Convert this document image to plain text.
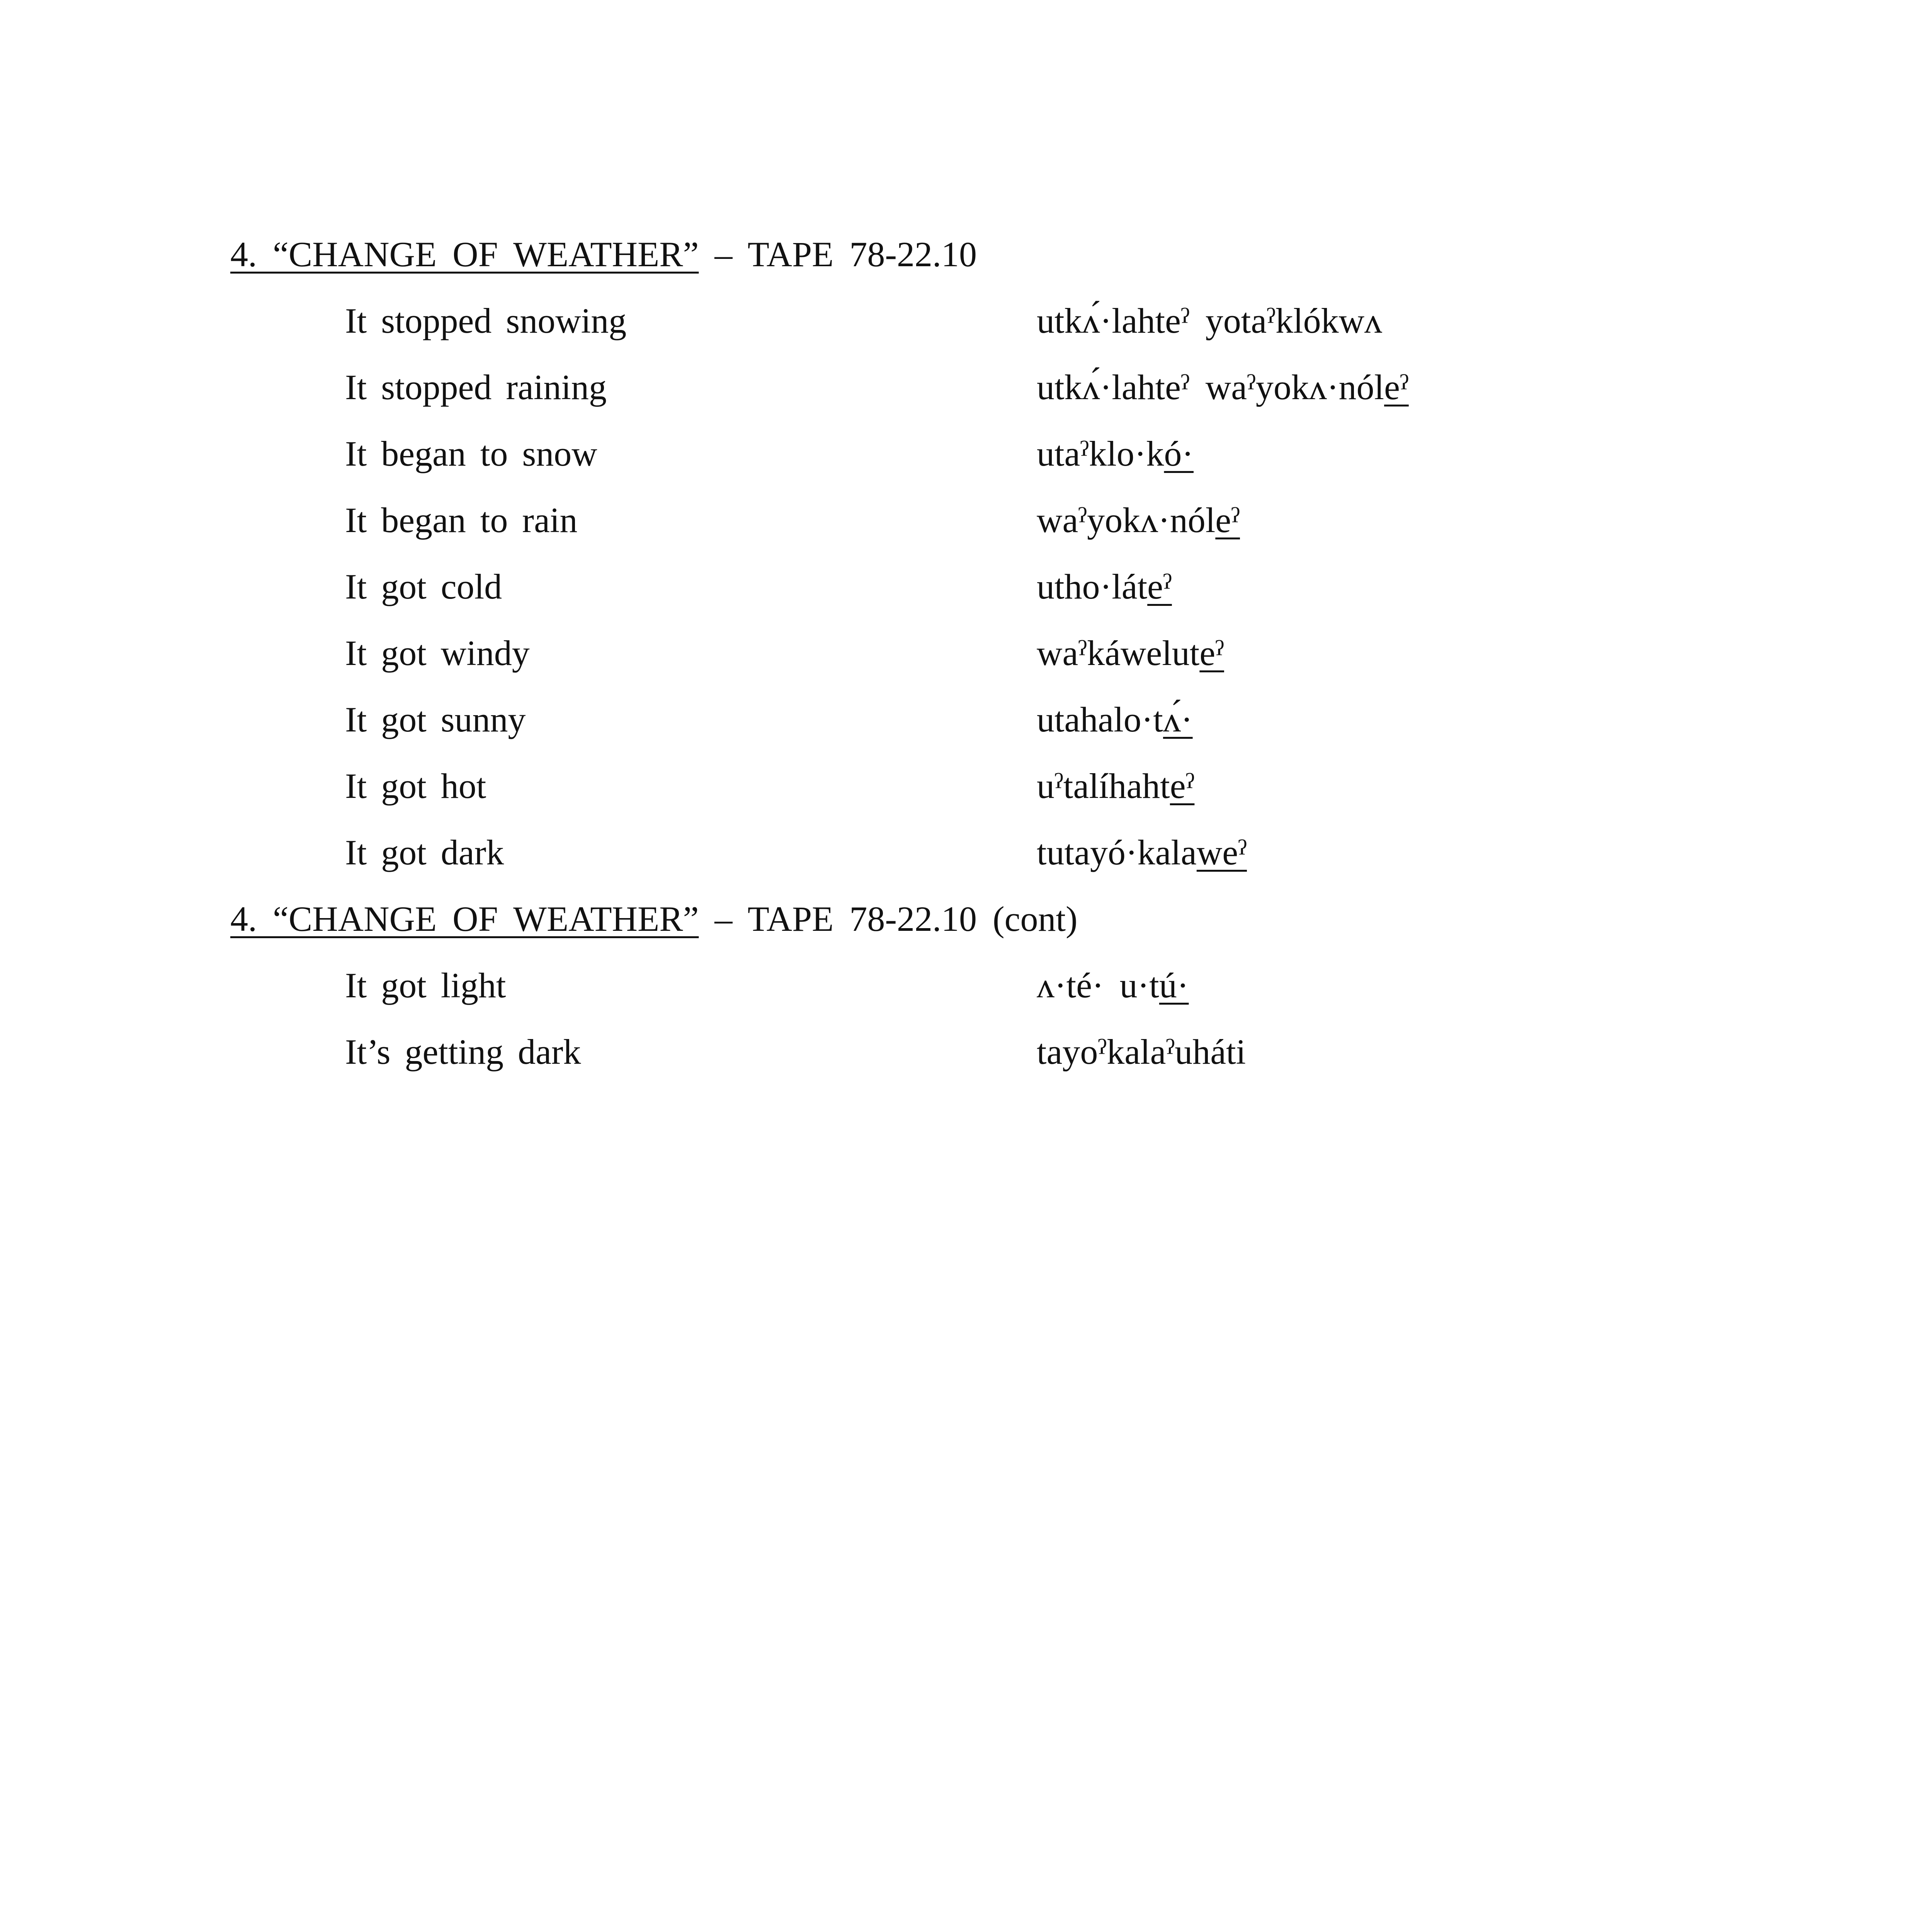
4. “CHANGE OF WEATHER” – TAPE 78-22.10
It stopped snowing	utkʌ́·lahteˀ yotaˀklókwʌ
It stopped raining	utkʌ́·lahteˀ waˀyokʌ·nóleˀ
It began to snow	utaˀklo·kó·
It began to rain	waˀyokʌ·nóleˀ
It got cold	utho·láteˀ
It got windy	waˀkáweluteˀ
It got sunny	utahalo·tʌ́·
It got hot	uˀtalíhahteˀ
It got dark	tutayó·kalaweˀ
4. “CHANGE OF WEATHER” – TAPE 78-22.10 (cont)
It got light	ʌ·té· u·tú·
It’s getting dark	tayoˀkalaˀuháti
